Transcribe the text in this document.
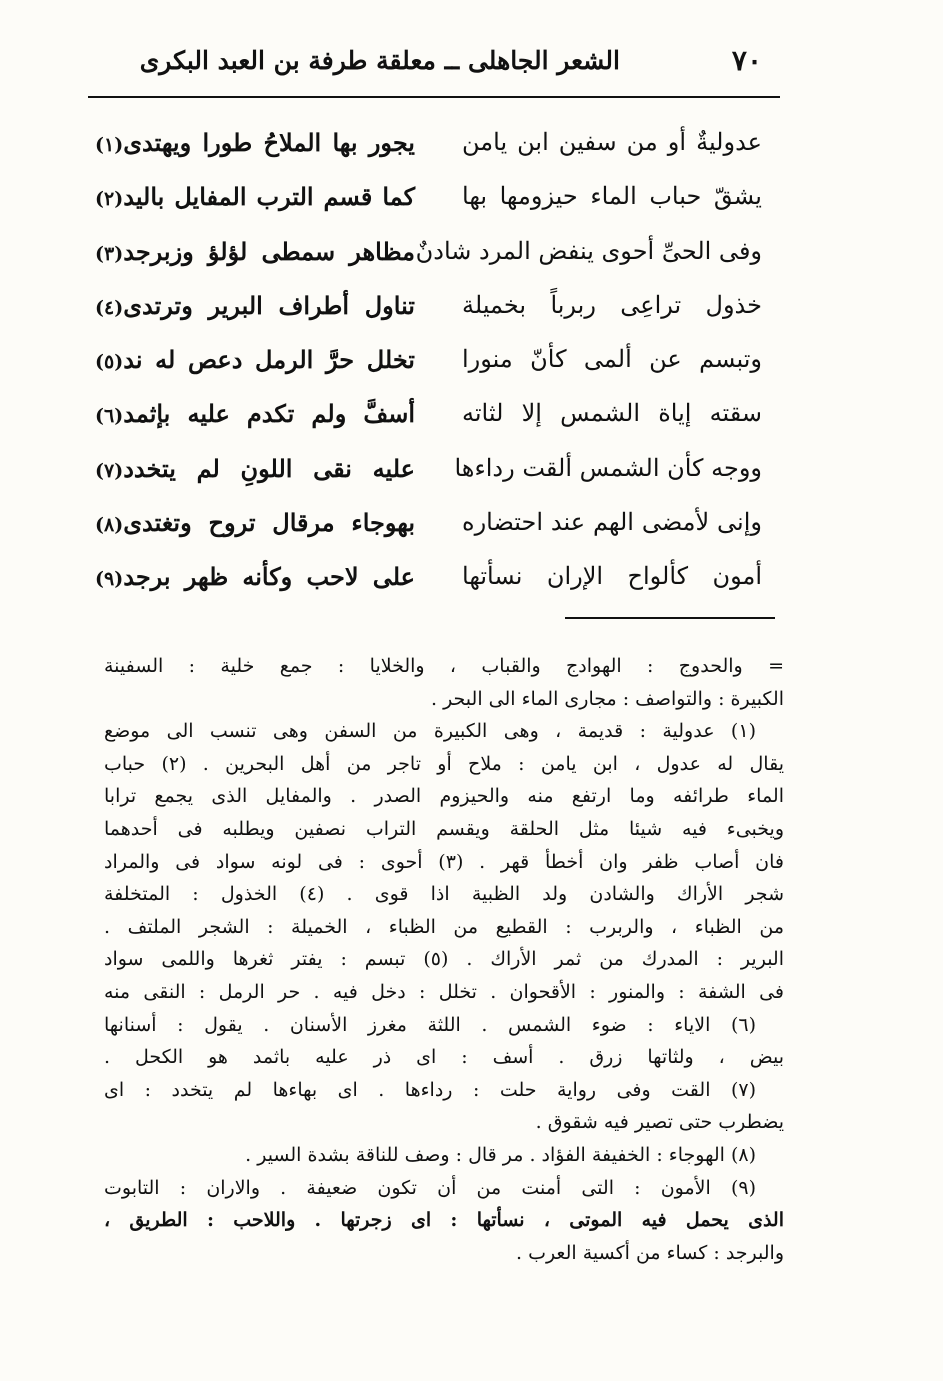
٧٠
الشعر الجاهلى ــ معلقة طرفة بن العبد البكرى
عدوليةٌ أو من سفين ابن يامن
يجور بها الملاحُ طورا ويهتدى(١)
يشقّ حباب الماء حيزومها بها
كما قسم الترب المفايل باليد(٢)
وفى الحىِّ أحوى ينفض المرد شادنٌ
مظاهر سمطى لؤلؤ وزبرجد(٣)
خذول تراعِى ربرباً بخميلة
تناول أطراف البرير وترتدى(٤)
وتبسم عن ألمى كأنّ منورا
تخلل حرَّ الرمل دعص له ند(٥)
سقته إياة الشمس إلا لثاته
أسفَّ ولم تكدم عليه بإثمد(٦)
ووجه كأن الشمس ألقت رداءها
عليه نقى اللونِ لم يتخدد(٧)
وإنى لأمضى الهم عند احتضاره
بهوجاء مرقال تروح وتغتدى(٨)
أمون كألواح الإران نسأتها
على لاحب وكأنه ظهر برجد(٩)
= والحدوج : الهوادج والقباب ، والخلايا : جمع خلية : السفينة
الكبيرة : والتواصف : مجارى الماء الى البحر .
(١) عدولية : قديمة ، وهى الكبيرة من السفن وهى تنسب الى موضع
يقال له عدول ، ابن يامن : ملاح أو تاجر من أهل البحرين . (٢) حباب
الماء طرائفه وما ارتفع منه والحيزوم الصدر . والمفايل الذى يجمع ترابا
ويخبىء فيه شيئا مثل الحلقة ويقسم التراب نصفين ويطلبه فى أحدهما
فان أصاب ظفر وان أخطأ قهر . (٣) أحوى : فى لونه سواد فى والمراد
شجر الأراك والشادن ولد الظبية اذا قوى . (٤) الخذول : المتخلفة
من الظباء ، والربرب : القطيع من الظباء ، الخميلة : الشجر الملتف .
البرير : المدرك من ثمر الأراك . (٥) تبسم : يفتر ثغرها واللمى سواد
فى الشفة : والمنور : الأقحوان . تخلل : دخل فيه . حر الرمل : النقى منه
(٦) الاياء : ضوء الشمس . اللثة مغرز الأسنان . يقول : أسنانها
بيض ، ولثاتها زرق . أسف : اى ذر عليه باثمد هو الكحل .
(٧) القت وفى رواية حلت : رداءها . اى بهاءها لم يتخدد : اى
يضطرب حتى تصير فيه شقوق .
(٨) الهوجاء : الخفيفة الفؤاد . مر قال : وصف للناقة بشدة السير .
(٩) الأمون : التى أمنت من أن تكون ضعيفة . والاران : التابوت
الذى يحمل فيه الموتى ، نسأتها : اى زجرتها . واللاحب : الطريق ،
والبرجد : كساء من أكسية العرب .
